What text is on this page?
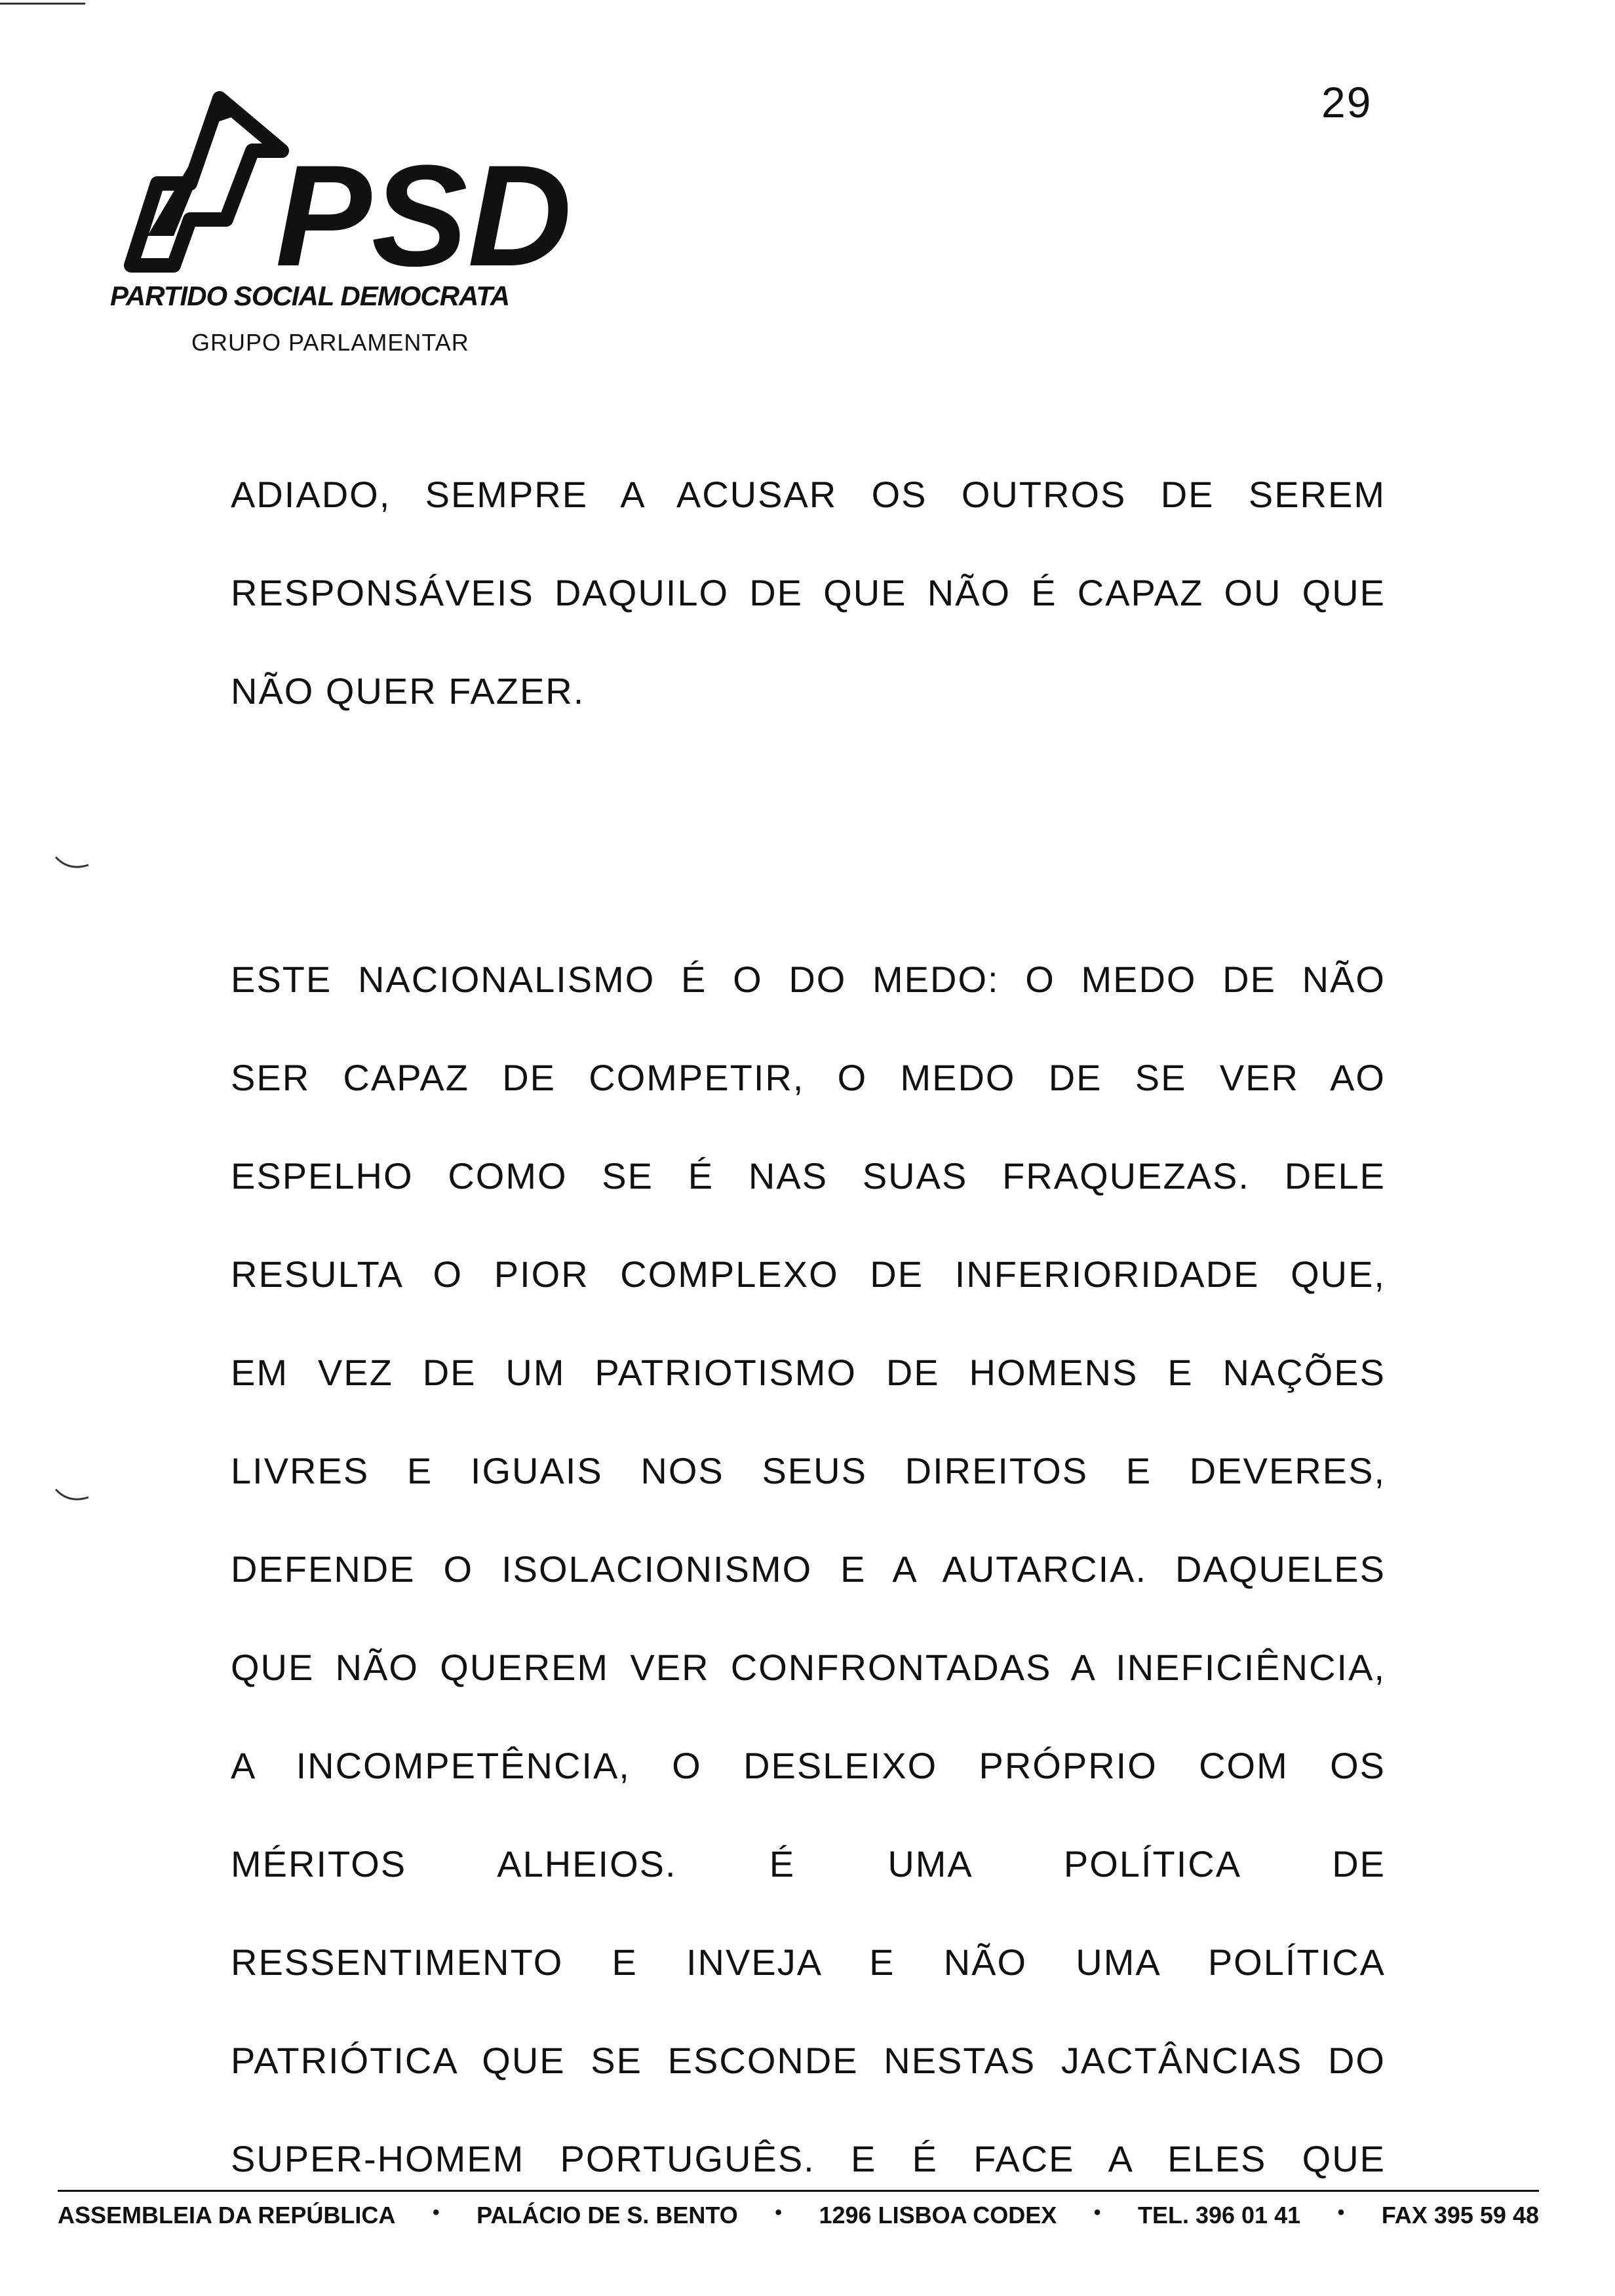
29
PSD
PARTIDO SOCIAL DEMOCRATA
GRUPO PARLAMENTAR
ADIADO, SEMPRE A ACUSAR OS OUTROS DE SEREM
RESPONSÁVEIS DAQUILO DE QUE NÃO É CAPAZ OU QUE
NÃO QUER FAZER.
ESTE NACIONALISMO É O DO MEDO: O MEDO DE NÃO
SER CAPAZ DE COMPETIR, O MEDO DE SE VER AO
ESPELHO COMO SE É NAS SUAS FRAQUEZAS. DELE
RESULTA O PIOR COMPLEXO DE INFERIORIDADE QUE,
EM VEZ DE UM PATRIOTISMO DE HOMENS E NAÇÕES
LIVRES E IGUAIS NOS SEUS DIREITOS E DEVERES,
DEFENDE O ISOLACIONISMO E A AUTARCIA. DAQUELES
QUE NÃO QUEREM VER CONFRONTADAS A INEFICIÊNCIA,
A INCOMPETÊNCIA, O DESLEIXO PRÓPRIO COM OS
MÉRITOS ALHEIOS. É UMA POLÍTICA DE
RESSENTIMENTO E INVEJA E NÃO UMA POLÍTICA
PATRIÓTICA QUE SE ESCONDE NESTAS JACTÂNCIAS DO
SUPER-HOMEM PORTUGUÊS. E É FACE A ELES QUE
ASSEMBLEIA DA REPÚBLICA • PALÁCIO DE S. BENTO • 1296 LISBOA CODEX • TEL. 396 01 41 • FAX 395 59 48
